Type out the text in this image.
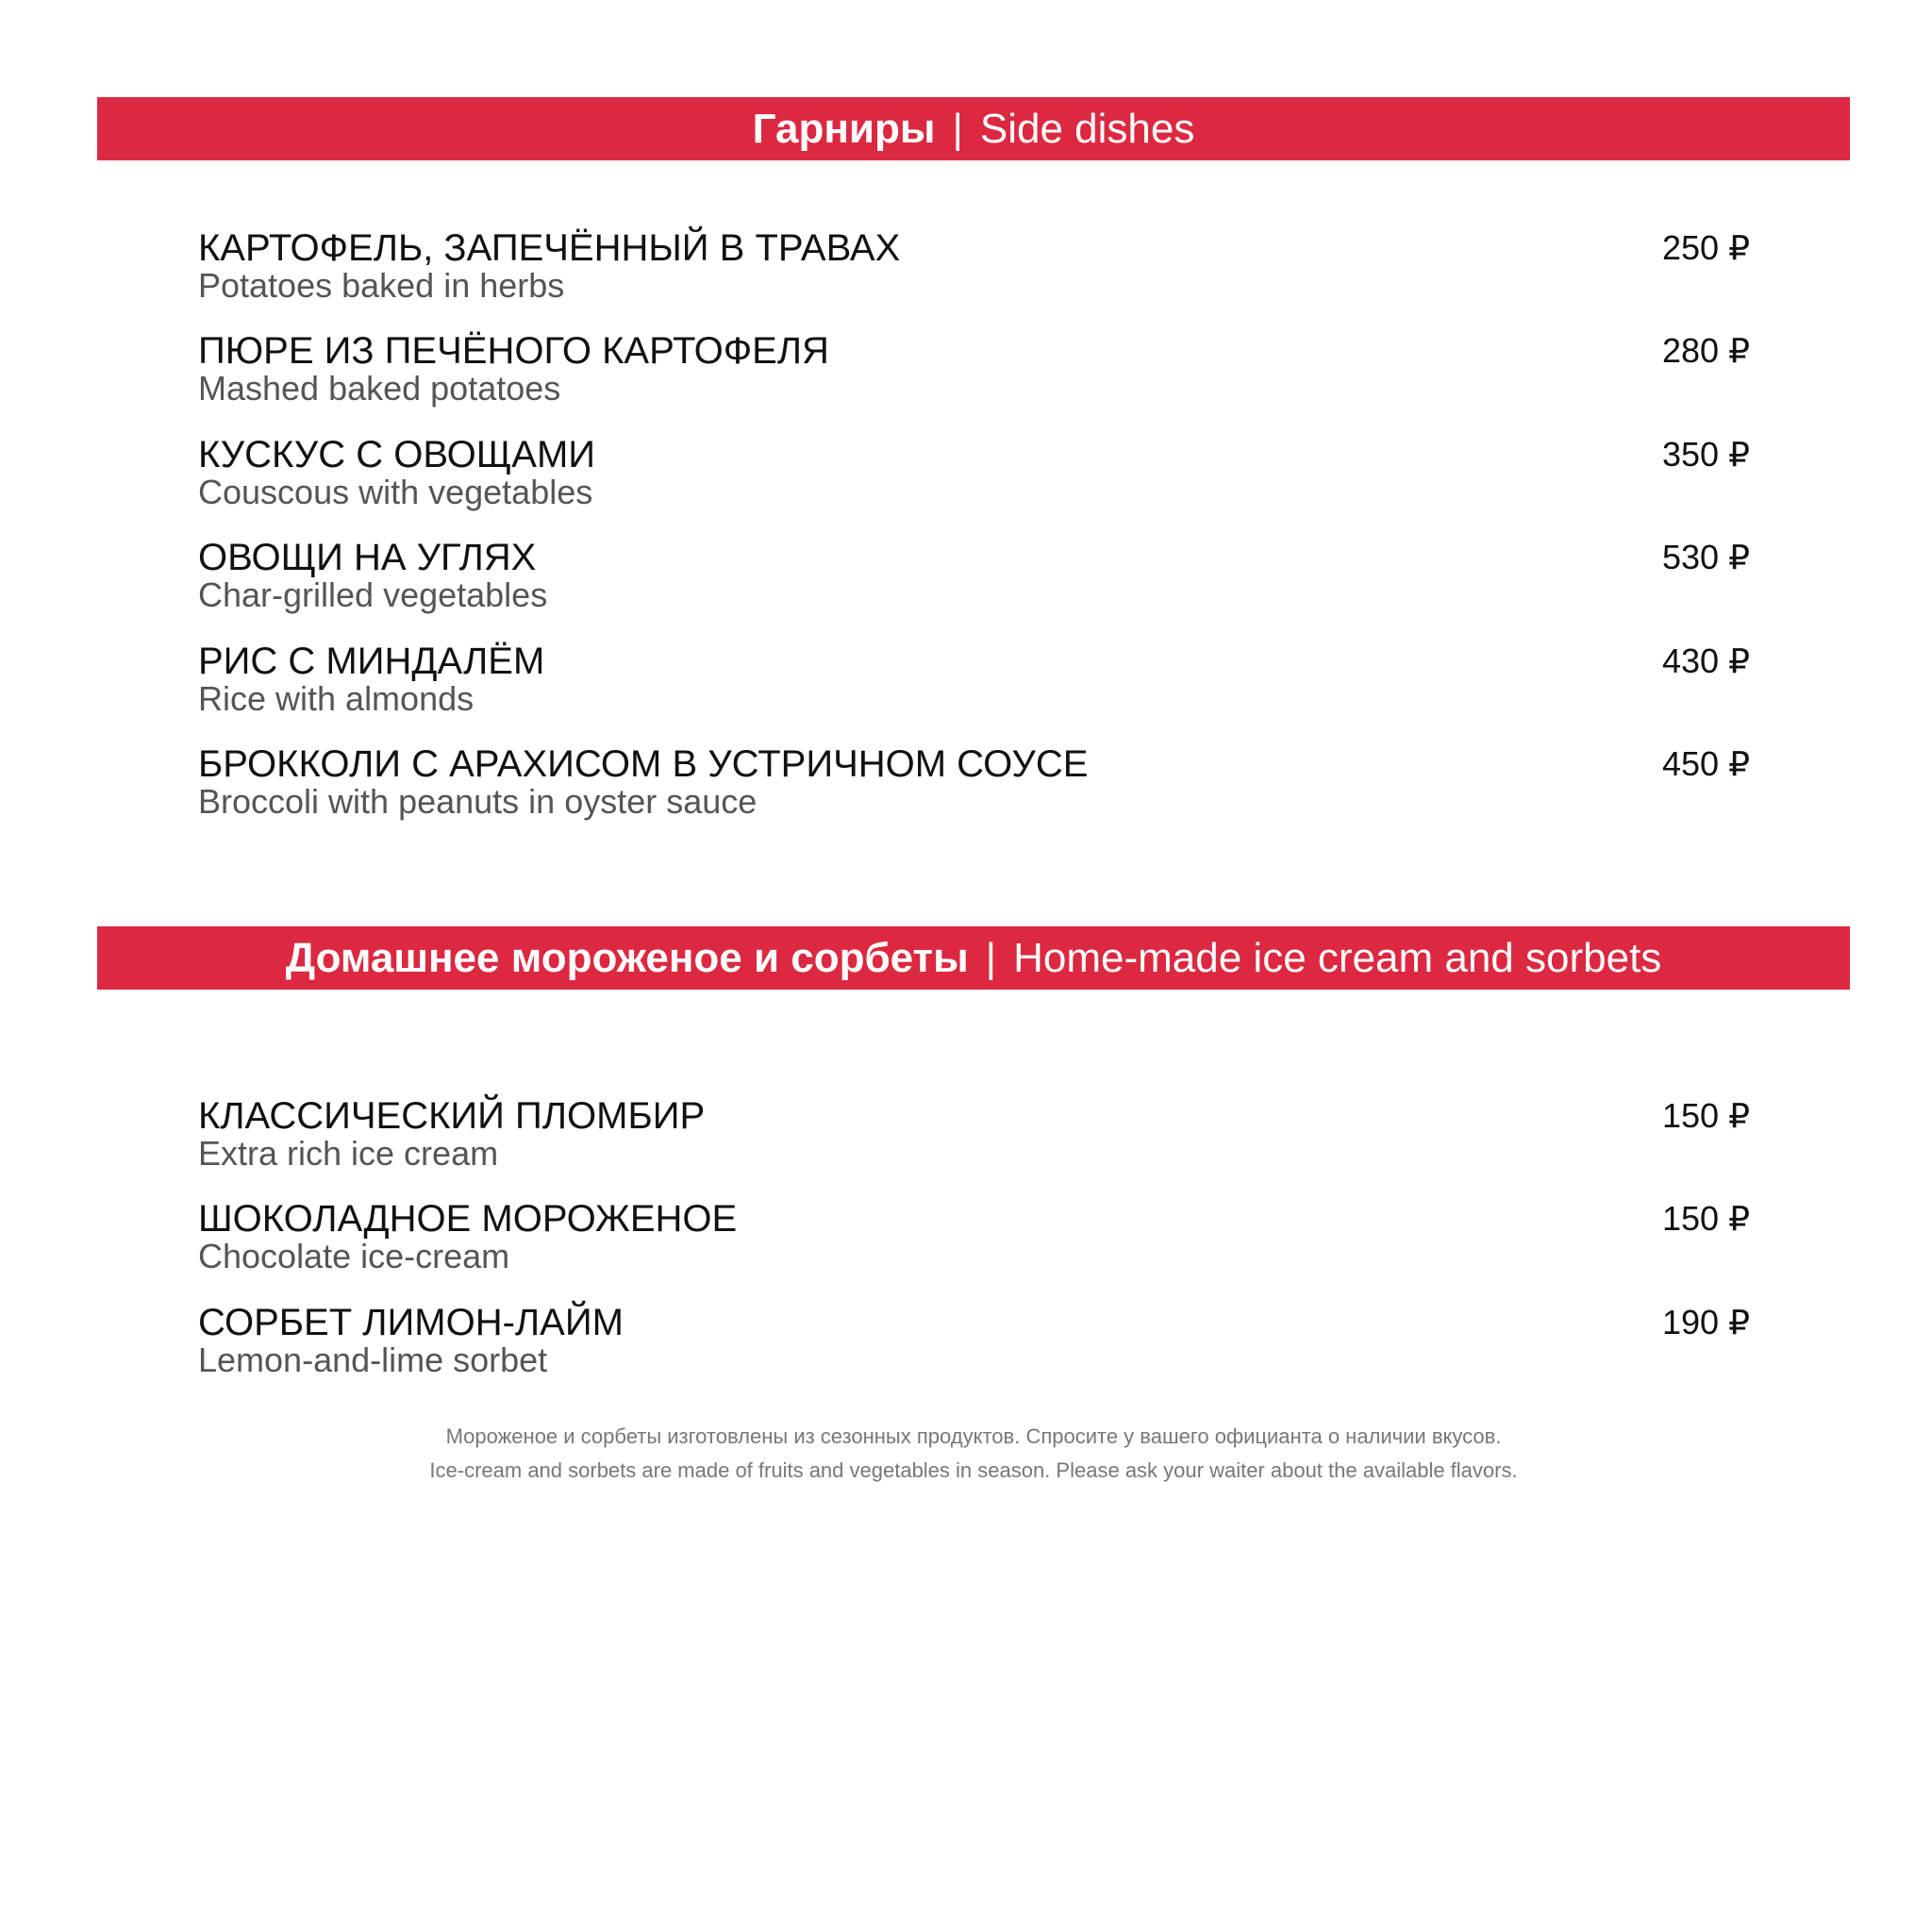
Гарниры | Side dishes
КАРТОФЕЛЬ, ЗАПЕЧЁННЫЙ В ТРАВАХ
Potatoes baked in herbs
250 ₽
ПЮРЕ ИЗ ПЕЧЁНОГО КАРТОФЕЛЯ
Mashed baked potatoes
280 ₽
КУСКУС С ОВОЩАМИ
Couscous with vegetables
350 ₽
ОВОЩИ НА УГЛЯХ
Char-grilled vegetables
530 ₽
РИС С МИНДАЛЁМ
Rice with almonds
430 ₽
БРОККОЛИ С АРАХИСОМ В УСТРИЧНОМ СОУСЕ
Broccoli with peanuts in oyster sauce
450 ₽
Домашнее мороженое и сорбеты | Home-made ice cream and sorbets
КЛАССИЧЕСКИЙ ПЛОМБИР
Extra rich ice cream
150 ₽
ШОКОЛАДНОЕ МОРОЖЕНОЕ
Chocolate ice-cream
150 ₽
СОРБЕТ ЛИМОН-ЛАЙМ
Lemon-and-lime sorbet
190 ₽
Мороженое и сорбеты изготовлены из сезонных продуктов. Спросите у вашего официанта о наличии вкусов.
Ice-cream and sorbets are made of fruits and vegetables in season. Please ask your waiter about the available flavors.
